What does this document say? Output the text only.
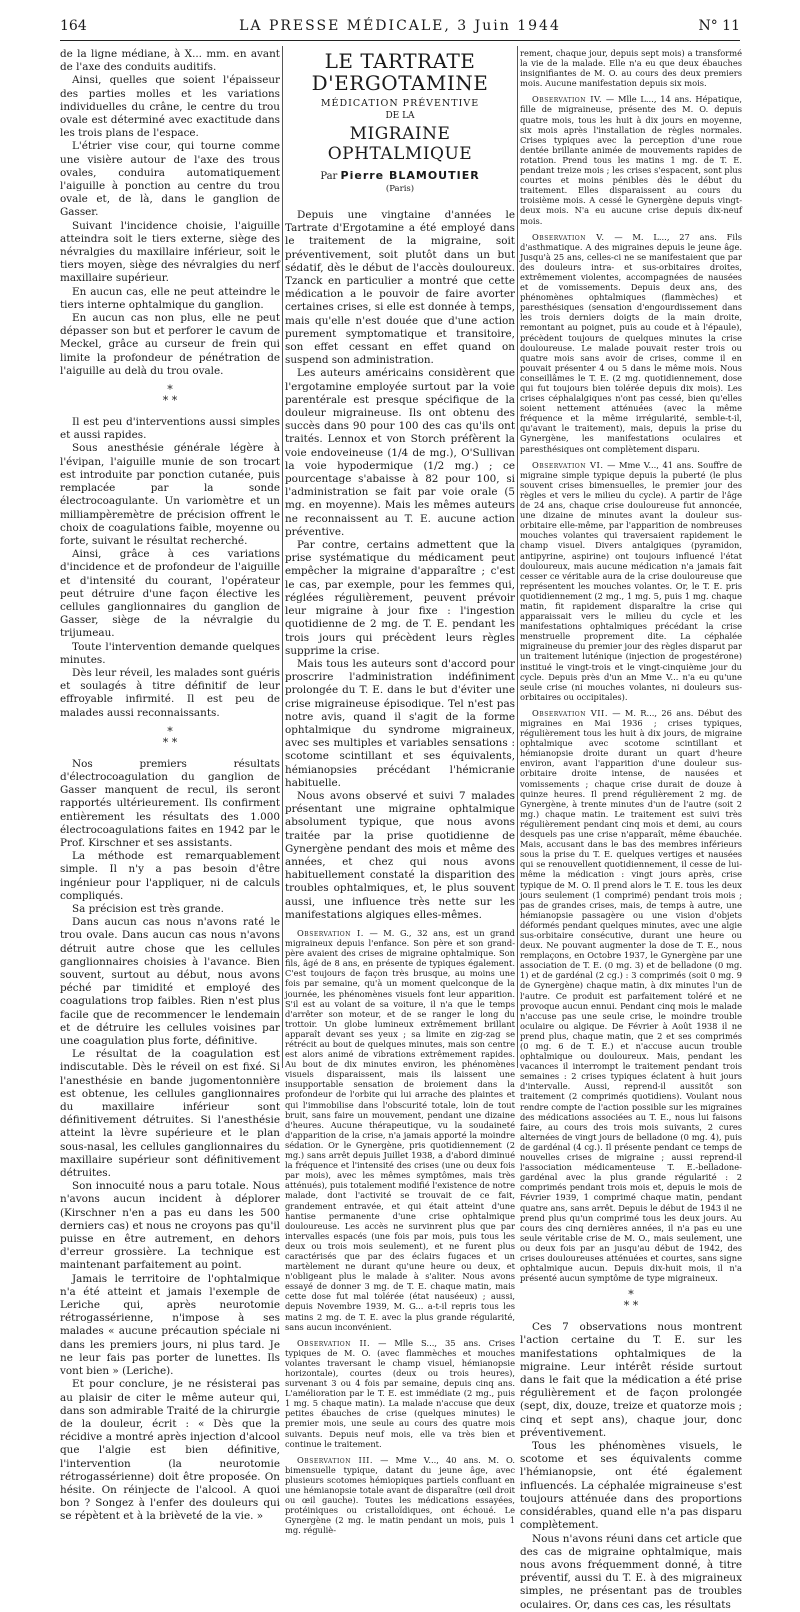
164	LA PRESSE MÉDICALE, 3 Juin 1944	N° 11

de la ligne médiane, à X... mm. en avant de l'axe des conduits auditifs.

Ainsi, quelles que soient l'épaisseur des parties molles et les variations individuelles du crâne, le centre du trou ovale est déterminé avec exactitude dans les trois plans de l'espace.

L'étrier vise cour, qui tourne comme une visière autour de l'axe des trous ovales, conduira automatiquement l'aiguille à ponction au centre du trou ovale et, de là, dans le ganglion de Gasser.

Suivant l'incidence choisie, l'aiguille atteindra soit le tiers externe, siège des névralgies du maxillaire inférieur, soit le tiers moyen, siège des névralgies du nerf maxillaire supérieur.

En aucun cas, elle ne peut atteindre le tiers interne ophtalmique du ganglion.

En aucun cas non plus, elle ne peut dépasser son but et perforer le cavum de Meckel, grâce au curseur de frein qui limite la profondeur de pénétration de l'aiguille au delà du trou ovale.

*
* *

Il est peu d'interventions aussi simples et aussi rapides.

Sous anesthésie générale légère à l'évipan, l'aiguille munie de son trocart est introduite par ponction cutanée, puis remplacée par la sonde électrocoagulante. Un variomètre et un milliampèremètre de précision offrent le choix de coagulations faible, moyenne ou forte, suivant le résultat recherché.

Ainsi, grâce à ces variations d'incidence et de profondeur de l'aiguille et d'intensité du courant, l'opérateur peut détruire d'une façon élective les cellules ganglionnaires du ganglion de Gasser, siège de la névralgie du trijumeau.

Toute l'intervention demande quelques minutes.

Dès leur réveil, les malades sont guéris et soulagés à titre définitif de leur effroyable infirmité. Il est peu de malades aussi reconnaissants.

*
* *

Nos premiers résultats d'électrocoagulation du ganglion de Gasser manquent de recul, ils seront rapportés ultérieurement. Ils confirment entièrement les résultats des 1.000 électrocoagulations faites en 1942 par le Prof. Kirschner et ses assistants.

La méthode est remarquablement simple. Il n'y a pas besoin d'être ingénieur pour l'appliquer, ni de calculs compliqués.

Sa précision est très grande.

Dans aucun cas nous n'avons raté le trou ovale. Dans aucun cas nous n'avons détruit autre chose que les cellules ganglionnaires choisies à l'avance. Bien souvent, surtout au début, nous avons péché par timidité et employé des coagulations trop faibles. Rien n'est plus facile que de recommencer le lendemain et de détruire les cellules voisines par une coagulation plus forte, définitive.

Le résultat de la coagulation est indiscutable. Dès le réveil on est fixé. Si l'anesthésie en bande jugomentonnière est obtenue, les cellules ganglionnaires du maxillaire inférieur sont définitivement détruites. Si l'anesthésie atteint la lèvre supérieure et le plan sous-nasal, les cellules ganglionnaires du maxillaire supérieur sont définitivement détruites.

Son innocuité nous a paru totale. Nous n'avons aucun incident à déplorer (Kirschner n'en a pas eu dans les 500 derniers cas) et nous ne croyons pas qu'il puisse en être autrement, en dehors d'erreur grossière. La technique est maintenant parfaitement au point.

Jamais le territoire de l'ophtalmique n'a été atteint et jamais l'exemple de Leriche qui, après neurotomie rétrogassérienne, n'impose à ses malades « aucune précaution spéciale ni dans les premiers jours, ni plus tard. Je ne leur fais pas porter de lunettes. Ils vont bien » (Leriche).

Et pour conclure, je ne résisterai pas au plaisir de citer le même auteur qui, dans son admirable Traité de la chirurgie de la douleur, écrit : « Dès que la récidive a montré après injection d'alcool que l'algie est bien définitive, l'intervention (la neurotomie rétrogassérienne) doit être proposée. On hésite. On réinjecte de l'alcool. A quoi bon ? Songez à l'enfer des douleurs qui se répètent et à la brièveté de la vie. »

LE TARTRATE D'ERGOTAMINE
MÉDICATION PRÉVENTIVE
DE LA
MIGRAINE OPHTALMIQUE
Par Pierre BLAMOUTIER
(Paris)

Depuis une vingtaine d'années le Tartrate d'Ergotamine a été employé dans le traitement de la migraine, soit préventivement, soit plutôt dans un but sédatif, dès le début de l'accès douloureux. Tzanck en particulier a montré que cette médication a le pouvoir de faire avorter certaines crises, si elle est donnée à temps, mais qu'elle n'est douée que d'une action purement symptomatique et transitoire, son effet cessant en effet quand on suspend son administration.

Les auteurs américains considèrent que l'ergotamine employée surtout par la voie parentérale est presque spécifique de la douleur migraineuse. Ils ont obtenu des succès dans 90 pour 100 des cas qu'ils ont traités. Lennox et von Storch préfèrent la voie endoveineuse (1/4 de mg.), O'Sullivan la voie hypodermique (1/2 mg.) ; ce pourcentage s'abaisse à 82 pour 100, si l'administration se fait par voie orale (5 mg. en moyenne). Mais les mêmes auteurs ne reconnaissent au T. E. aucune action préventive.

Par contre, certains admettent que la prise systématique du médicament peut empêcher la migraine d'apparaître ; c'est le cas, par exemple, pour les femmes qui, réglées régulièrement, peuvent prévoir leur migraine à jour fixe : l'ingestion quotidienne de 2 mg. de T. E. pendant les trois jours qui précèdent leurs règles supprime la crise.

Mais tous les auteurs sont d'accord pour proscrire l'administration indéfiniment prolongée du T. E. dans le but d'éviter une crise migraineuse épisodique. Tel n'est pas notre avis, quand il s'agit de la forme ophtalmique du syndrome migraineux, avec ses multiples et variables sensations : scotome scintillant et ses équivalents, hémianopsies précédant l'hémicranie habituelle.

Nous avons observé et suivi 7 malades présentant une migraine ophtalmique absolument typique, que nous avons traitée par la prise quotidienne de Gynergène pendant des mois et même des années, et chez qui nous avons habituellement constaté la disparition des troubles ophtalmiques, et, le plus souvent aussi, une influence très nette sur les manifestations algiques elles-mêmes.

Observation I. — M. G., 32 ans, est un grand migraineux depuis l'enfance. Son père et son grand-père avaient des crises de migraine ophtalmique. Son fils, âgé de 8 ans, en présente de typiques également. C'est toujours de façon très brusque, au moins une fois par semaine, qu'à un moment quelconque de la journée, les phénomènes visuels font leur apparition. S'il est au volant de sa voiture, il n'a que le temps d'arrêter son moteur, et de se ranger le long du trottoir. Un globe lumineux extrêmement brillant apparaît devant ses yeux ; sa limite en zig-zag se rétrécit au bout de quelques minutes, mais son centre est alors animé de vibrations extrêmement rapides. Au bout de dix minutes environ, les phénomènes visuels disparaissent, mais ils laissent une insupportable sensation de broiement dans la profondeur de l'orbite qui lui arrache des plaintes et qui l'immobilise dans l'obscurité totale, loin de tout bruit, sans faire un mouvement, pendant une dizaine d'heures. Aucune thérapeutique, vu la soudaineté d'apparition de la crise, n'a jamais apporté la moindre sédation. Or le Gynergène, pris quotidiennement (2 mg.) sans arrêt depuis Juillet 1938, a d'abord diminué la fréquence et l'intensité des crises (une ou deux fois par mois), avec les mêmes symptômes, mais très atténués), puis totalement modifié l'existence de notre malade, dont l'activité se trouvait de ce fait, grandement entravée, et qui était atteint d'une hantise permanente d'une crise ophtalmique douloureuse. Les accès ne survinrent plus que par intervalles espacés (une fois par mois, puis tous les deux ou trois mois seulement), et ne furent plus caractérisés que par des éclairs fugaces et un martèlement ne durant qu'une heure ou deux, et n'obligeant plus le malade à s'aliter. Nous avons essayé de donner 3 mg. de T. E. chaque matin, mais cette dose fut mal tolérée (état nauséeux) ; aussi, depuis Novembre 1939, M. G... a-t-il repris tous les matins 2 mg. de T. E. avec la plus grande régularité, sans aucun inconvénient.

Observation II. — Mlle S..., 35 ans. Crises typiques de M. O. (avec flammèches et mouches volantes traversant le champ visuel, hémianopsie horizontale), courtes (deux ou trois heures), survenant 3 ou 4 fois par semaine, depuis cinq ans. L'amélioration par le T. E. est immédiate (2 mg., puis 1 mg. 5 chaque matin). La malade n'accuse que deux petites ébauches de crise (quelques minutes) le premier mois, une seule au cours des quatre mois suivants. Depuis neuf mois, elle va très bien et continue le traitement.

Observation III. — Mme V..., 40 ans. M. O. bimensuelle typique, datant du jeune âge, avec plusieurs scotomes hémiopiques partiels confluant en une hémianopsie totale avant de disparaître (œil droit ou œil gauche). Toutes les médications essayées, protéiniques ou cristalloïdiques, ont échoué. Le Gynergène (2 mg. le matin pendant un mois, puis 1 mg. réguliè-

rement, chaque jour, depuis sept mois) a transformé la vie de la malade. Elle n'a eu que deux ébauches insignifiantes de M. O. au cours des deux premiers mois. Aucune manifestation depuis six mois.

Observation IV. — Mlle L..., 14 ans. Hépatique, fille de migraineuse, présente des M. O. depuis quatre mois, tous les huit à dix jours en moyenne, six mois après l'installation de règles normales. Crises typiques avec la perception d'une roue dentée brillante animée de mouvements rapides de rotation. Prend tous les matins 1 mg. de T. E. pendant treize mois ; les crises s'espacent, sont plus courtes et moins pénibles dès le début du traitement. Elles disparaissent au cours du troisième mois. A cessé le Gynergène depuis vingt-deux mois. N'a eu aucune crise depuis dix-neuf mois.

Observation V. — M. L..., 27 ans. Fils d'asthmatique. A des migraines depuis le jeune âge. Jusqu'à 25 ans, celles-ci ne se manifestaient que par des douleurs intra- et sus-orbitaires droites, extrêmement violentes, accompagnées de nausées et de vomissements. Depuis deux ans, des phénomènes ophtalmiques (flammèches) et paresthésiques (sensation d'engourdissement dans les trois derniers doigts de la main droite, remontant au poignet, puis au coude et à l'épaule), précèdent toujours de quelques minutes la crise douloureuse. Le malade pouvait rester trois ou quatre mois sans avoir de crises, comme il en pouvait présenter 4 ou 5 dans le même mois. Nous conseillâmes le T. E. (2 mg. quotidiennement, dose qui fut toujours bien tolérée depuis dix mois). Les crises céphalalgiques n'ont pas cessé, bien qu'elles soient nettement atténuées (avec la même fréquence et la même irrégularité, semble-t-il, qu'avant le traitement), mais, depuis la prise du Gynergène, les manifestations oculaires et paresthésiques ont complètement disparu.

Observation VI. — Mme V..., 41 ans. Souffre de migraine simple typique depuis la puberté (le plus souvent crises bimensuelles, le premier jour des règles et vers le milieu du cycle). A partir de l'âge de 24 ans, chaque crise douloureuse fut annoncée, une dizaine de minutes avant la douleur sus-orbitaire elle-même, par l'apparition de nombreuses mouches volantes qui traversaient rapidement le champ visuel. Divers antalgiques (pyramidon, antipyrine, aspirine) ont toujours influencé l'état douloureux, mais aucune médication n'a jamais fait cesser ce véritable aura de la crise douloureuse que représentent les mouches volantes. Or, le T. E. pris quotidiennement (2 mg., 1 mg. 5, puis 1 mg. chaque matin, fit rapidement disparaître la crise qui apparaissait vers le milieu du cycle et les manifestations ophtalmiques précédant la crise menstruelle proprement dite. La céphalée migraineuse du premier jour des règles disparut par un traitement luténique (injection de progestérone) institué le vingt-trois et le vingt-cinquième jour du cycle. Depuis près d'un an Mme V... n'a eu qu'une seule crise (ni mouches volantes, ni douleurs sus-orbitaires ou occipitales).

Observation VII. — M. R..., 26 ans. Début des migraines en Mai 1936 ; crises typiques, régulièrement tous les huit à dix jours, de migraine ophtalmique avec scotome scintillant et hémianopsie droite durant un quart d'heure environ, avant l'apparition d'une douleur sus-orbitaire droite intense, de nausées et vomissements ; chaque crise durait de douze à quinze heures. Il prend régulièrement 2 mg. de Gynergène, à trente minutes d'un de l'autre (soit 2 mg.) chaque matin. Le traitement est suivi très régulièrement pendant cinq mois et demi, au cours desquels pas une crise n'apparaît, même ébauchée. Mais, accusant dans le bas des membres inférieurs sous la prise du T. E. quelques vertiges et nausées qui se renouvellent quotidiennement, il cesse de lui-même la médication : vingt jours après, crise typique de M. O. Il prend alors le T. E. tous les deux jours seulement (1 comprimé) pendant trois mois ; pas de grandes crises, mais, de temps à autre, une hémianopsie passagère ou une vision d'objets déformés pendant quelques minutes, avec une algie sus-orbitaire consécutive, durant une heure ou deux. Ne pouvant augmenter la dose de T. E., nous remplaçons, en Octobre 1937, le Gynergène par une association de T. E. (0 mg. 3) et de belladone (0 mg. 1) et de gardénal (2 cg.) : 3 comprimés (soit 0 mg. 9 de Gynergène) chaque matin, à dix minutes l'un de l'autre. Ce produit est parfaitement toléré et ne provoque aucun ennui. Pendant cinq mois le malade n'accuse pas une seule crise, le moindre trouble oculaire ou algique. De Février à Août 1938 il ne prend plus, chaque matin, que 2 et ses comprimés (0 mg. 6 de T. E.) et n'accuse aucun trouble ophtalmique ou douloureux. Mais, pendant les vacances il interrompt le traitement pendant trois semaines : 2 crises typiques éclatent à huit jours d'intervalle. Aussi, reprend-il aussitôt son traitement (2 comprimés quotidiens). Voulant nous rendre compte de l'action possible sur les migraines des médications associées au T. E., nous lui faisons faire, au cours des trois mois suivants, 2 cures alternées de vingt jours de belladone (0 mg. 4), puis de gardénal (4 cg.). Il présente pendant ce temps de nouvelles crises de migraine ; aussi reprend-il l'association médicamenteuse T. E.-belladone-gardénal avec la plus grande régularité : 2 comprimés pendant trois mois et, depuis le mois de Février 1939, 1 comprimé chaque matin, pendant quatre ans, sans arrêt. Depuis le début de 1943 il ne prend plus qu'un comprimé tous les deux jours. Au cours des cinq dernières années, il n'a pas eu une seule véritable crise de M. O., mais seulement, une ou deux fois par an jusqu'au début de 1942, des crises douloureuses atténuées et courtes, sans signe ophtalmique aucun. Depuis dix-huit mois, il n'a présenté aucun symptôme de type migraineux.

*
* *

Ces 7 observations nous montrent l'action certaine du T. E. sur les manifestations ophtalmiques de la migraine. Leur intérêt réside surtout dans le fait que la médication a été prise régulièrement et de façon prolongée (sept, dix, douze, treize et quatorze mois ; cinq et sept ans), chaque jour, donc préventivement.

Tous les phénomènes visuels, le scotome et ses équivalents comme l'hémianopsie, ont été également influencés. La céphalée migraineuse s'est toujours atténuée dans des proportions considérables, quand elle n'a pas disparu complètement.

Nous n'avons réuni dans cet article que des cas de migraine ophtalmique, mais nous avons fréquemment donné, à titre préventif, aussi du T. E. à des migraineux simples, ne présentant pas de troubles oculaires. Or, dans ces cas, les résultats
